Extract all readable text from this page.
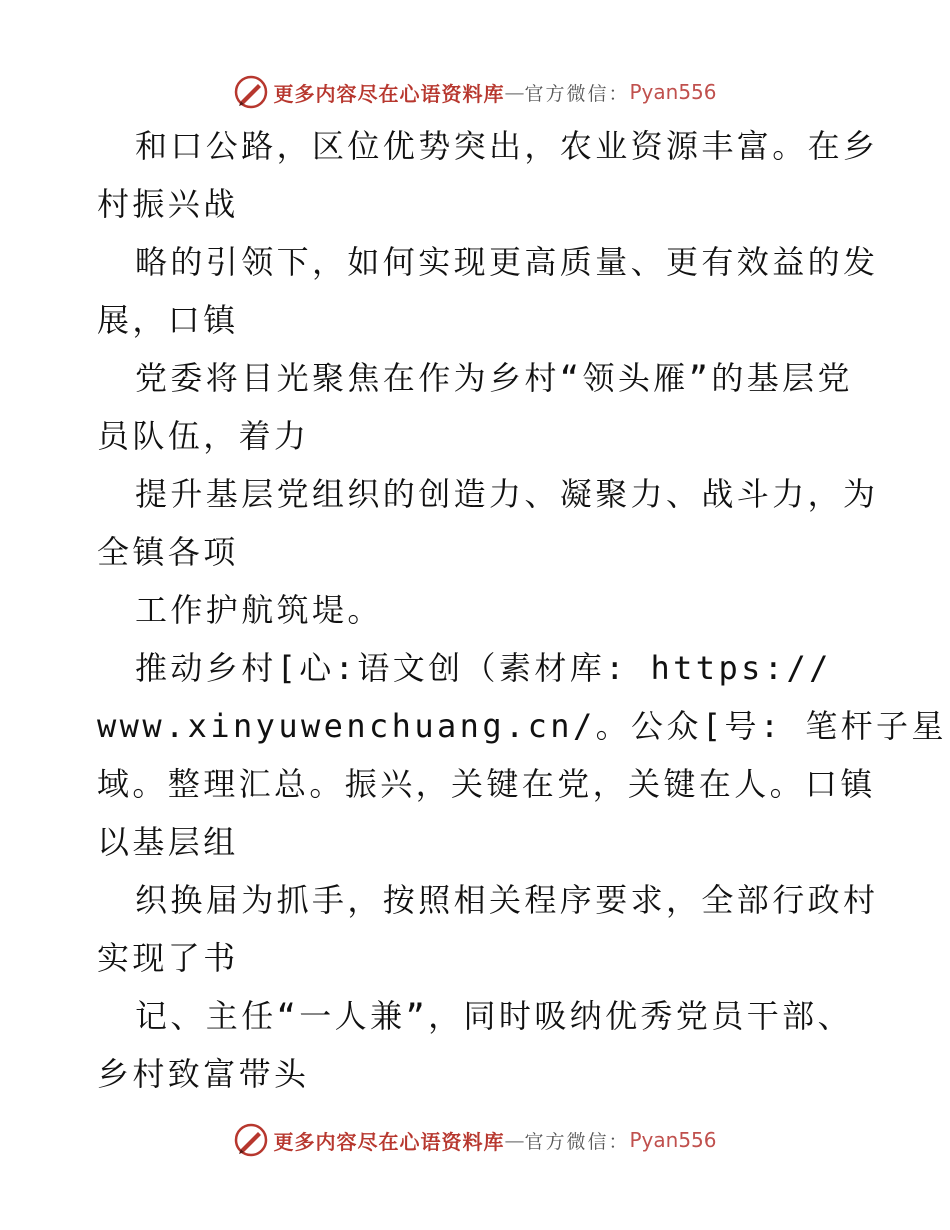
更多内容尽在心语资料库 — 官方微信： Pyan556
和口公路，区位优势突出，农业资源丰富。在乡
村振兴战
略的引领下，如何实现更高质量、更有效益的发
展，口镇
党委将目光聚焦在作为乡村“领头雁”的基层党
员队伍，着力
提升基层党组织的创造力、凝聚力、战斗力，为
全镇各项
工作护航筑堤。
推动乡村[心:语文创（素材库: https://
www.xinyuwenchuang.cn/。公众[号: 笔杆子星
域。整理汇总。振兴，关键在党，关键在人。口镇
以基层组
织换届为抓手，按照相关程序要求，全部行政村
实现了书
记、主任“一人兼”，同时吸纳优秀党员干部、
乡村致富带头
更多内容尽在心语资料库 — 官方微信： Pyan556
